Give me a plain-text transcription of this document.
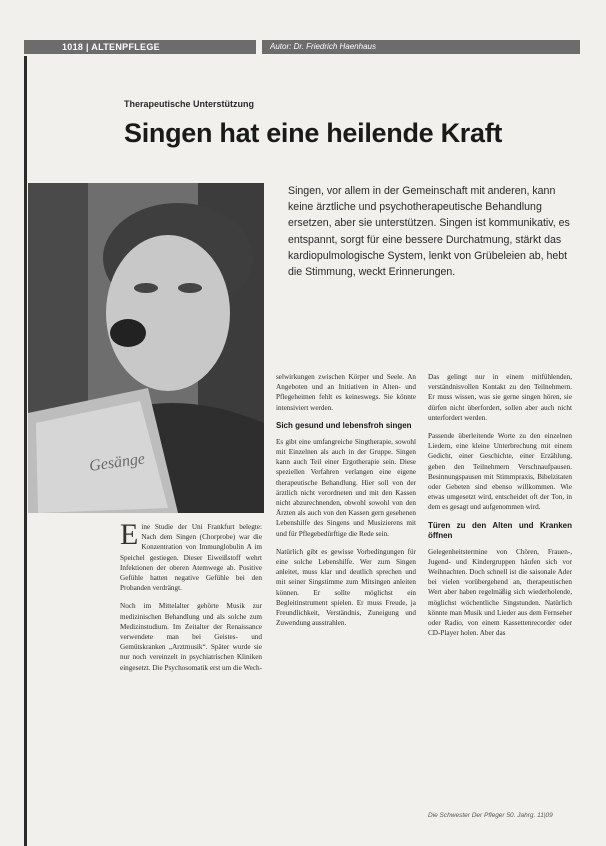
1018 | ALTENPFLEGE	Autor: Dr. Friedrich Haenhaus
Therapeutische Unterstützung
Singen hat eine heilende Kraft
Gesänge
Singen, vor allem in der Gemeinschaft mit anderen, kann keine ärztliche und psychotherapeutische Behandlung ersetzen, aber sie unterstützen. Singen ist kommunikativ, es entspannt, sorgt für eine bessere Durchatmung, stärkt das kardiopulmologische System, lenkt von Grübeleien ab, hebt die Stimmung, weckt Erinnerungen.

Eine Studie der Uni Frankfurt belegte: Nach dem Singen (Chorprobe) war die Konzentration von Immunglobulin A im Speichel gestiegen. Dieser Eiweißstoff wehrt Infektionen der oberen Atemwege ab. Positive Gefühle hatten negative Gefühle bei den Probanden verdrängt.

Noch im Mittelalter gehörte Musik zur medizinischen Behandlung und als solche zum Medizinstudium. Im Zeitalter der Renaissance verwendete man bei Geistes- und Gemütskranken „Arztmusik“. Später wurde sie nur noch vereinzelt in psychiatrischen Kliniken eingesetzt. Die Psychosomatik erst um die Wech-

selwirkungen zwischen Körper und Seele. An Angeboten und an Initiativen in Alten- und Pflegeheimen fehlt es keineswegs. Sie könnte intensiviert werden.

Sich gesund und lebensfroh singen

Es gibt eine umfangreiche Singtherapie, sowohl mit Einzelnen als auch in der Gruppe. Singen kann auch Teil einer Ergotherapie sein. Diese speziellen Verfahren verlangen eine eigene therapeutische Behandlung. Hier soll von der ärztlich nicht verordneten und mit den Kassen nicht abzurechnenden, obwohl sowohl von den Ärzten als auch von den Kassen gern gesehenen Lebenshilfe des Singens und Musizierens mit und für Pflegebedürftige die Rede sein.

Natürlich gibt es gewisse Vorbedingungen für eine solche Lebenshilfe. Wer zum Singen anleitet, muss klar und deutlich sprechen und mit seiner Singstimme zum Mitsingen anleiten können. Er sollte möglichst ein Begleitinstrument spielen. Er muss Freude, ja Freundlichkeit, Verständnis, Zuneigung und Zuwendung ausstrahlen.

Das gelingt nur in einem mitfühlenden, verständnisvollen Kontakt zu den Teilnehmern. Er muss wissen, was sie gerne singen hören, sie dürfen nicht überfordert, sollen aber auch nicht unterfordert werden.

Passende überleitende Worte zu den einzelnen Liedern, eine kleine Unterbrechung mit einem Gedicht, einer Geschichte, einer Erzählung, geben den Teilnehmern Verschnaufpausen. Besinnungspausen mit Stimmpraxis, Bibelzitaten oder Gebeten sind ebenso willkommen. Wie etwas umgesetzt wird, entscheidet oft der Ton, in dem es gesagt und aufgenommen wird.

Türen zu den Alten und Kranken öffnen

Gelegenheitstermine von Chören, Frauen-, Jugend- und Kindergruppen häufen sich vor Weihnachten. Doch schnell ist die saisonale Ader bei vielen vorübergehend an, therapeutischen Wert aber haben regelmäßig sich wiederholende, möglichst wöchentliche Singstunden. Natürlich könnte man Musik und Lieder aus dem Fernseher oder Radio, von einem Kassettenrecorder oder CD-Player holen. Aber das

Die Schwester Der Pfleger 50. Jahrg. 11|09
